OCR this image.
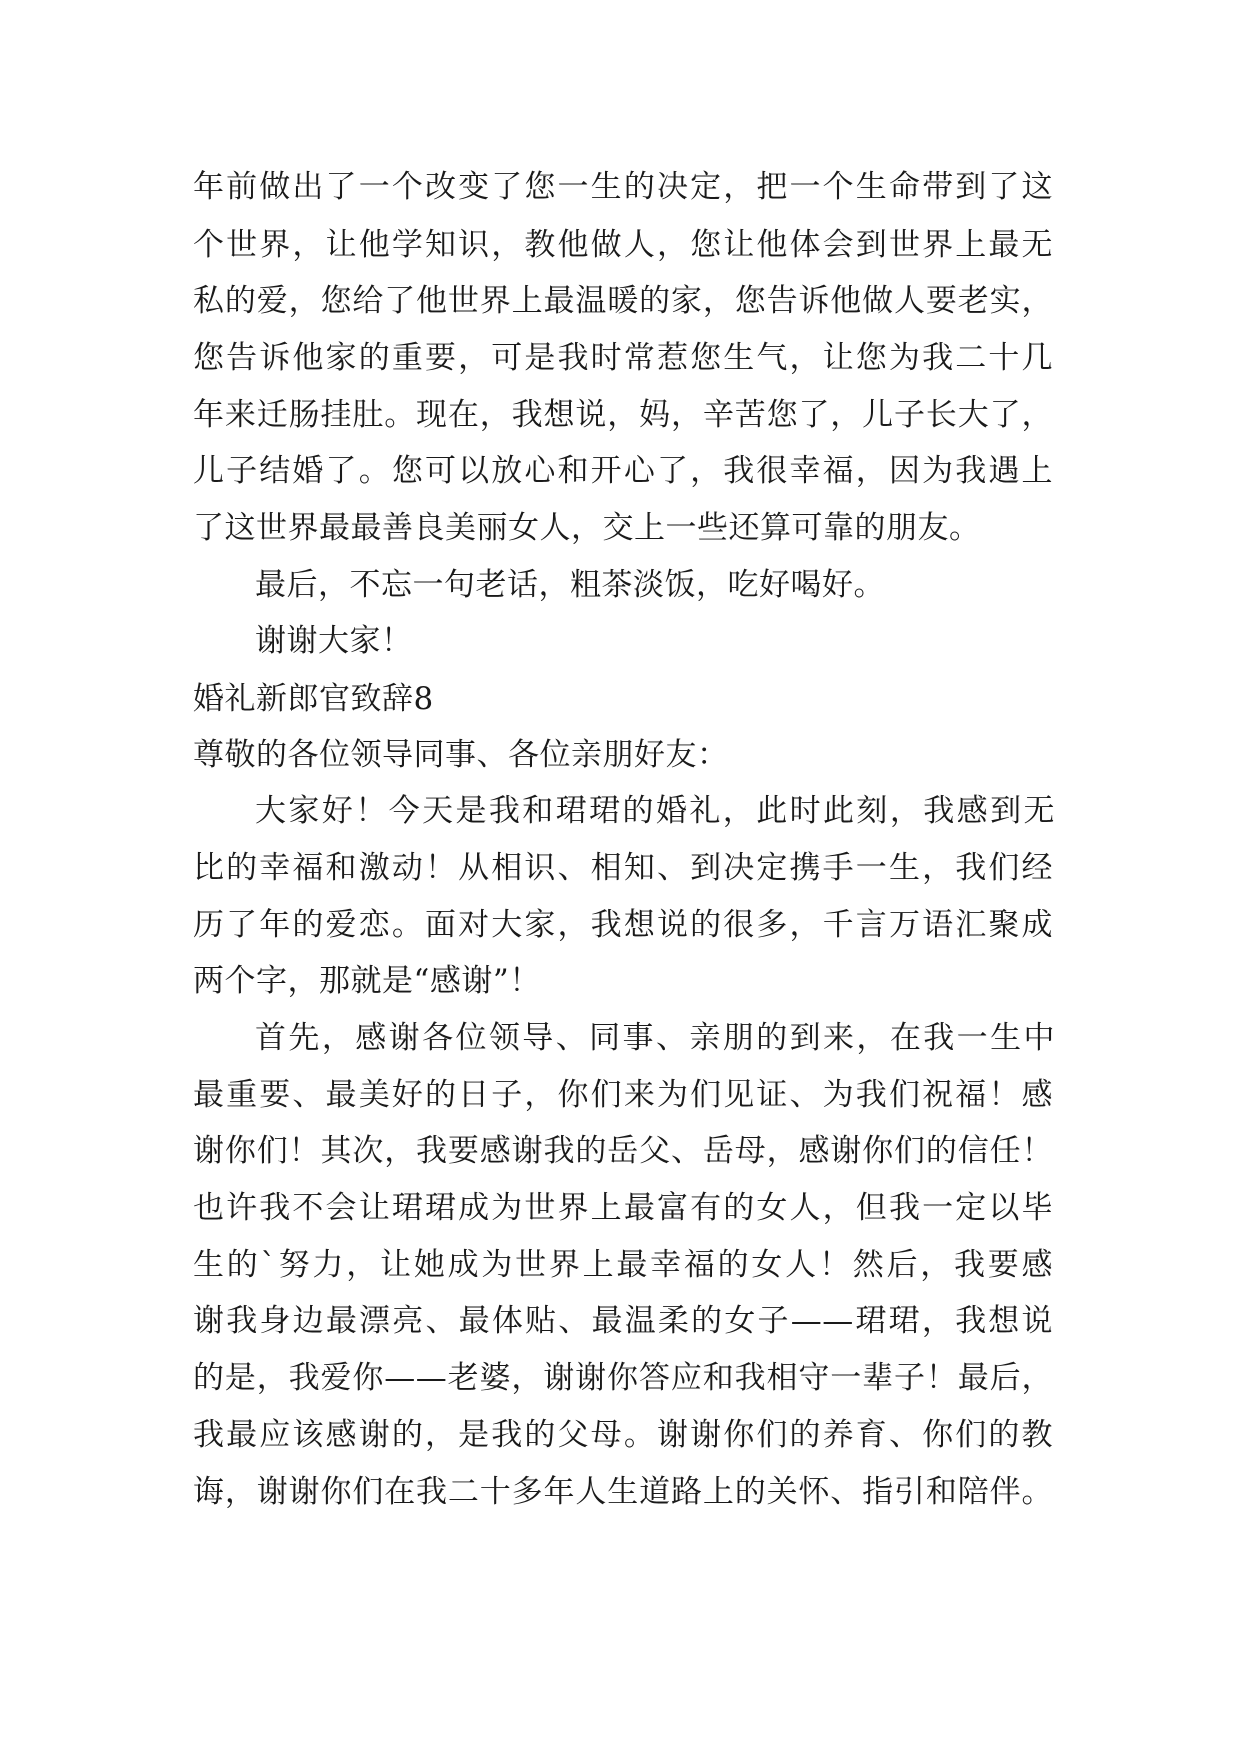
年前做出了一个改变了您一生的决定，把一个生命带到了这
个世界，让他学知识，教他做人，您让他体会到世界上最无
私的爱，您给了他世界上最温暖的家，您告诉他做人要老实，
您告诉他家的重要，可是我时常惹您生气，让您为我二十几
年来迁肠挂肚。现在，我想说，妈，辛苦您了，儿子长大了，
儿子结婚了。您可以放心和开心了，我很幸福，因为我遇上
了这世界最最善良美丽女人，交上一些还算可靠的朋友。
最后，不忘一句老话，粗茶淡饭，吃好喝好。
谢谢大家！
婚礼新郎官致辞8
尊敬的各位领导同事、各位亲朋好友：
大家好！今天是我和珺珺的婚礼，此时此刻，我感到无
比的幸福和激动！从相识、相知、到决定携手一生，我们经
历了年的爱恋。面对大家，我想说的很多，千言万语汇聚成
两个字，那就是“感谢”！
首先，感谢各位领导、同事、亲朋的到来，在我一生中
最重要、最美好的日子，你们来为们见证、为我们祝福！感
谢你们！其次，我要感谢我的岳父、岳母，感谢你们的信任！
也许我不会让珺珺成为世界上最富有的女人，但我一定以毕
生的`努力，让她成为世界上最幸福的女人！然后，我要感
谢我身边最漂亮、最体贴、最温柔的女子——珺珺，我想说
的是，我爱你——老婆，谢谢你答应和我相守一辈子！最后，
我最应该感谢的，是我的父母。谢谢你们的养育、你们的教
诲，谢谢你们在我二十多年人生道路上的关怀、指引和陪伴。
